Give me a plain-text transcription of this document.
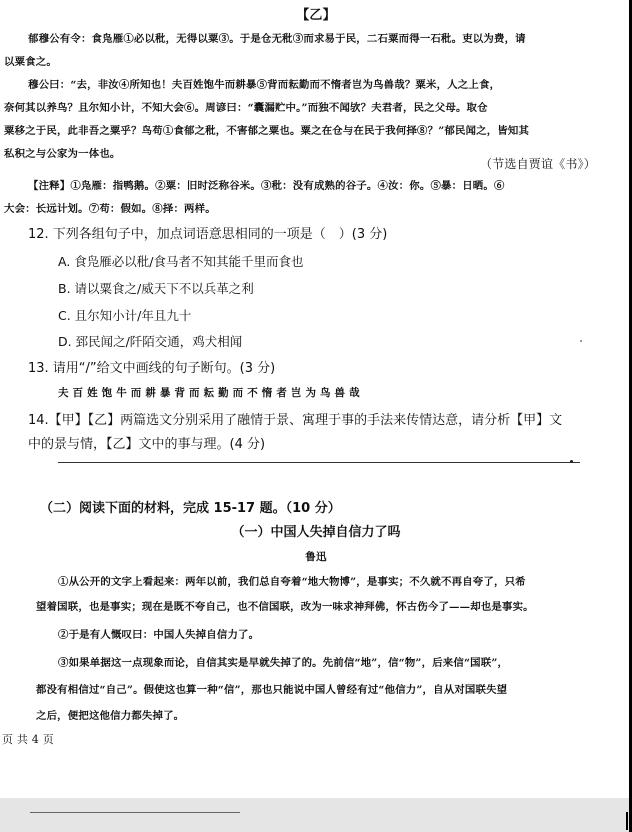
【乙】
郁穆公有令：食凫雁①必以秕，无得以粟③。于是仓无秕③而求易于民，二石粟而得一石秕。吏以为费，请
以粟食之。
穆公曰：“去，非汝④所知也！夫百姓饱牛而耕暴⑤背而耘勤而不惰者岂为鸟兽哉？粟米，人之上食，
奈何其以养鸟？且尔知小计，不知大会⑥。周谚曰：“囊漏贮中。”而独不闻欤？夫君者，民之父母。取仓
粟移之于民，此非吾之粟乎？鸟苟①食郁之秕，不害郁之粟也。粟之在仓与在民于我何择⑧？”郁民闻之，皆知其
私积之与公家为一体也。
（节选自贾谊《书》）
【注释】①凫雁：指鸭鹅。②粟：旧时泛称谷米。③秕：没有成熟的谷子。④汝：你。⑤暴：日晒。⑥
大会：长远计划。⑦苟：假如。⑧择：两样。
12. 下列各组句子中，加点词语意思相同的一项是（　）(3 分)
A. 食凫雁必以秕/食马者不知其能千里而食也
B. 请以粟食之/威天下不以兵革之利
C. 且尔知小计/年且九十
D. 郅民闻之/阡陌交通，鸡犬相闻
13. 请用“/”给文中画线的句子断句。(3 分)
夫 百 姓 饱 牛 而 耕 暴 背 而 耘 勤 而 不 惰 者 岂 为 鸟 兽 哉
14.【甲】【乙】两篇选文分别采用了融情于景、寓理于事的手法来传情达意，请分析【甲】文
中的景与情，【乙】文中的事与理。(4 分)
（二）阅读下面的材料，完成 15-17 题。（10 分）
（一）中国人失掉自信力了吗
鲁迅
①从公开的文字上看起来：两年以前，我们总自夸着“地大物博”，是事实；不久就不再自夸了，只希
望着国联，也是事实；现在是既不夸自己，也不信国联，改为一味求神拜佛，怀古伤今了——却也是事实。
②于是有人慨叹曰：中国人失掉自信力了。
③如果单据这一点现象而论，自信其实是早就失掉了的。先前信“地”，信“物”，后来信“国联”，
都没有相信过“自己”。假使这也算一种“信”，那也只能说中国人曾经有过“他信力”，自从对国联失望
之后，便把这他信力都失掉了。
页 共 4 页
